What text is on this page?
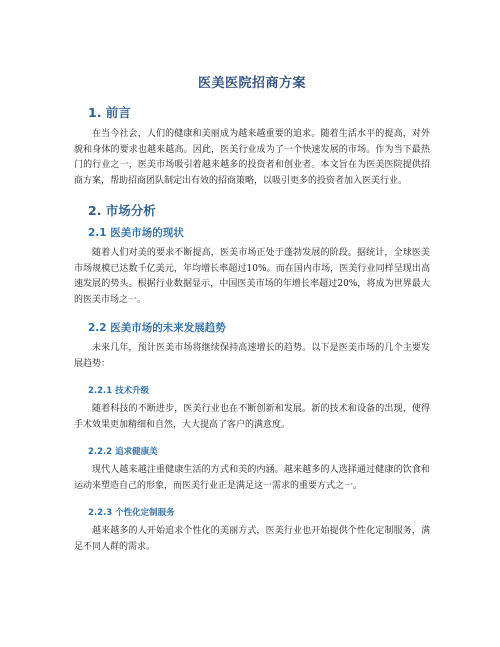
医美医院招商方案
1. 前言

在当今社会，人们的健康和美丽成为越来越重要的追求。随着生活水平的提高，对外貌和身体的要求也越来越高。因此，医美行业成为了一个快速发展的市场。作为当下最热门的行业之一，医美市场吸引着越来越多的投资者和创业者。本文旨在为医美医院提供招商方案，帮助招商团队制定出有效的招商策略，以吸引更多的投资者加入医美行业。

2. 市场分析
2.1 医美市场的现状

随着人们对美的要求不断提高，医美市场正处于蓬勃发展的阶段。据统计，全球医美市场规模已达数千亿美元，年均增长率超过10%。而在国内市场，医美行业同样呈现出高速发展的势头。根据行业数据显示，中国医美市场的年增长率超过20%，将成为世界最大的医美市场之一。

2.2 医美市场的未来发展趋势

未来几年，预计医美市场将继续保持高速增长的趋势。以下是医美市场的几个主要发展趋势：

2.2.1 技术升级

随着科技的不断进步，医美行业也在不断创新和发展。新的技术和设备的出现，使得手术效果更加精细和自然，大大提高了客户的满意度。

2.2.2 追求健康美

现代人越来越注重健康生活的方式和美的内涵。越来越多的人选择通过健康的饮食和运动来塑造自己的形象，而医美行业正是满足这一需求的重要方式之一。

2.2.3 个性化定制服务

越来越多的人开始追求个性化的美丽方式，医美行业也开始提供个性化定制服务，满足不同人群的需求。
